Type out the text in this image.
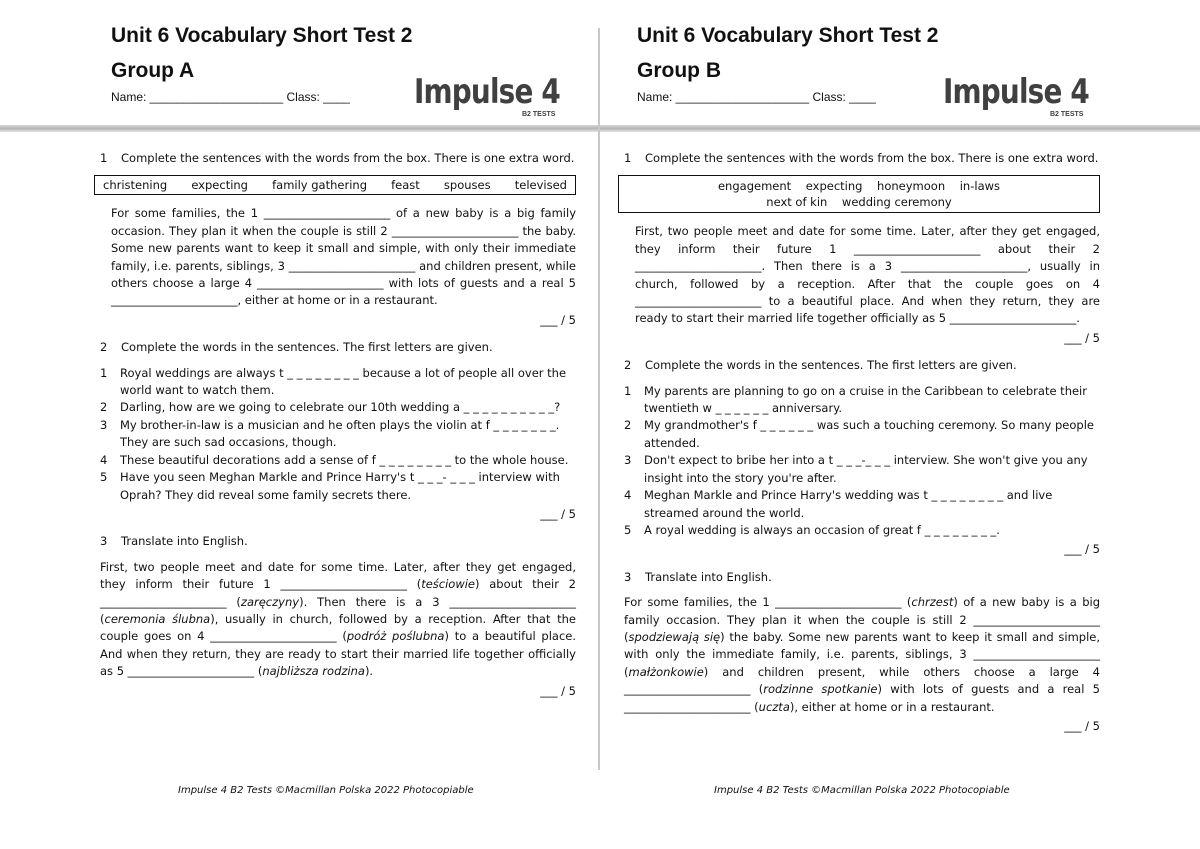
Unit 6 Vocabulary Short Test 2
Group A
Name: ____________________ Class: ____ Impulse 4
B2 TESTS
1	Complete the sentences with the words from the box. There is one extra word.
christening expecting family gathering feast spouses televised
For some families, the 1 ______________________ of a new baby is a big family occasion. They plan it when the couple is still 2 ______________________ the baby. Some new parents want to keep it small and simple, with only their immediate family, i.e. parents, siblings, 3 ______________________ and children present, while others choose a large 4 ______________________ with lots of guests and a real 5 ______________________, either at home or in a restaurant.
___ / 5
2	Complete the words in the sentences. The first letters are given.
1	Royal weddings are always t _ _ _ _ _ _ _ _ because a lot of people all over the world want to watch them.
2	Darling, how are we going to celebrate our 10th wedding a _ _ _ _ _ _ _ _ _ _?
3	My brother-in-law is a musician and he often plays the violin at f _ _ _ _ _ _ _. They are such sad occasions, though.
4	These beautiful decorations add a sense of f _ _ _ _ _ _ _ _ to the whole house.
5	Have you seen Meghan Markle and Prince Harry's t _ _ _- _ _ _ interview with Oprah? They did reveal some family secrets there.
___ / 5
3	Translate into English.
First, two people meet and date for some time. Later, after they get engaged, they inform their future 1 ______________________ (teściowie) about their 2 ______________________ (zaręczyny). Then there is a 3 ______________________ (ceremonia ślubna), usually in church, followed by a reception. After that the couple goes on 4 ______________________ (podróż poślubna) to a beautiful place. And when they return, they are ready to start their married life together officially as 5 ______________________ (najbliższa rodzina).
___ / 5
Impulse 4 B2 Tests ©Macmillan Polska 2022 Photocopiable
Unit 6 Vocabulary Short Test 2
Group B
Name: ____________________ Class: ____ Impulse 4
B2 TESTS
1	Complete the sentences with the words from the box. There is one extra word.
engagement    expecting    honeymoon    in-laws
next of kin    wedding ceremony
First, two people meet and date for some time. Later, after they get engaged, they inform their future 1 ______________________ about their 2 ______________________. Then there is a 3 ______________________, usually in church, followed by a reception. After that the couple goes on 4 ______________________ to a beautiful place. And when they return, they are ready to start their married life together officially as 5 ______________________.
___ / 5
2	Complete the words in the sentences. The first letters are given.
1	My parents are planning to go on a cruise in the Caribbean to celebrate their twentieth w _ _ _ _ _ _ anniversary.
2	My grandmother's f _ _ _ _ _ _ was such a touching ceremony. So many people attended.
3	Don't expect to bribe her into a t _ _ _-_ _ _ interview. She won't give you any insight into the story you're after.
4	Meghan Markle and Prince Harry's wedding was t _ _ _ _ _ _ _ _ and live streamed around the world.
5	A royal wedding is always an occasion of great f _ _ _ _ _ _ _ _.
___ / 5
3	Translate into English.
For some families, the 1 ______________________ (chrzest) of a new baby is a big family occasion. They plan it when the couple is still 2 ______________________ (spodziewają się) the baby. Some new parents want to keep it small and simple, with only the immediate family, i.e. parents, siblings, 3 ______________________ (małżonkowie) and children present, while others choose a large 4 ______________________ (rodzinne spotkanie) with lots of guests and a real 5 ______________________ (uczta), either at home or in a restaurant.
___ / 5
Impulse 4 B2 Tests ©Macmillan Polska 2022 Photocopiable
